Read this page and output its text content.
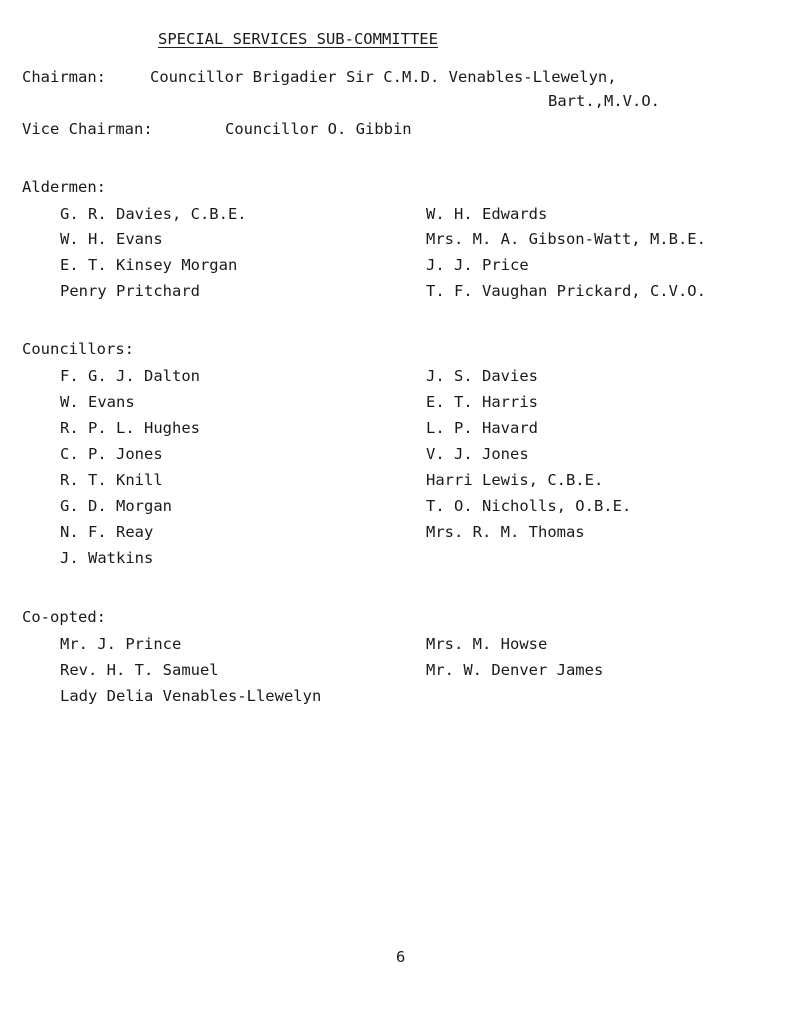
SPECIAL SERVICES SUB-COMMITTEE
Chairman:	Councillor Brigadier Sir C.M.D. Venables-Llewelyn,
Bart.,M.V.O.
Vice Chairman:	Councillor O. Gibbin
Aldermen:
G. R. Davies, C.B.E.
W. H. Evans
E. T. Kinsey Morgan
Penry Pritchard
W. H. Edwards
Mrs. M. A. Gibson-Watt, M.B.E.
J. J. Price
T. F. Vaughan Prickard, C.V.O.
Councillors:
F. G. J. Dalton
W. Evans
R. P. L. Hughes
C. P. Jones
R. T. Knill
G. D. Morgan
N. F. Reay
J. Watkins
J. S. Davies
E. T. Harris
L. P. Havard
V. J. Jones
Harri Lewis, C.B.E.
T. O. Nicholls, O.B.E.
Mrs. R. M. Thomas
Co-opted:
Mr. J. Prince
Rev. H. T. Samuel
Lady Delia Venables-Llewelyn
Mrs. M. Howse
Mr. W. Denver James
6
